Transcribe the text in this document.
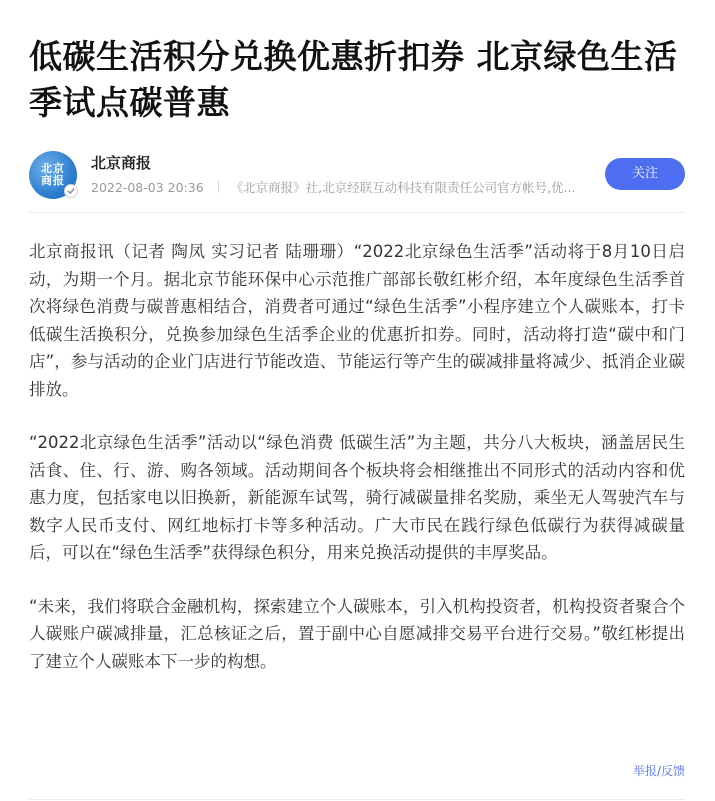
低碳生活积分兑换优惠折扣券 北京绿色生活季试点碳普惠
北京商报
北京商报
2022-08-03 20:36 《北京商报》社,北京经联互动科技有限责任公司官方帐号,优...
关注

北京商报讯（记者 陶凤 实习记者 陆珊珊）“2022北京绿色生活季”活动将于8月10日启动，为期一个月。据北京节能环保中心示范推广部部长敬红彬介绍，本年度绿色生活季首次将绿色消费与碳普惠相结合，消费者可通过“绿色生活季”小程序建立个人碳账本，打卡低碳生活换积分，兑换参加绿色生活季企业的优惠折扣券。同时，活动将打造“碳中和门店”，参与活动的企业门店进行节能改造、节能运行等产生的碳减排量将减少、抵消企业碳排放。

“2022北京绿色生活季”活动以“绿色消费 低碳生活”为主题，共分八大板块，涵盖居民生活食、住、行、游、购各领域。活动期间各个板块将会相继推出不同形式的活动内容和优惠力度，包括家电以旧换新，新能源车试驾，骑行减碳量排名奖励，乘坐无人驾驶汽车与数字人民币支付、网红地标打卡等多种活动。广大市民在践行绿色低碳行为获得减碳量后，可以在“绿色生活季”获得绿色积分，用来兑换活动提供的丰厚奖品。

“未来，我们将联合金融机构，探索建立个人碳账本，引入机构投资者，机构投资者聚合个人碳账户碳减排量，汇总核证之后，置于副中心自愿减排交易平台进行交易。”敬红彬提出了建立个人碳账本下一步的构想。

举报/反馈
